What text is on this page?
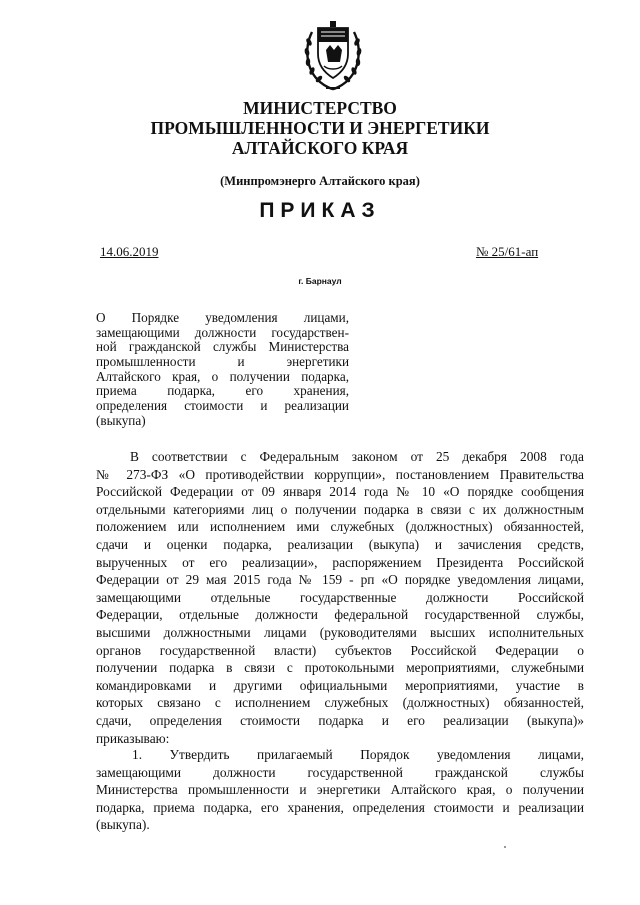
МИНИСТЕРСТВО
ПРОМЫШЛЕННОСТИ И ЭНЕРГЕТИКИ
АЛТАЙСКОГО КРАЯ
(Минпромэнерго Алтайского края)
ПРИКАЗ
14.06.2019	№ 25/61-ап
г. Барнаул
О Порядке уведомления лицами,
замещающими должности государствен-
ной гражданской службы Министерства
промышленности и энергетики
Алтайского края, о получении подарка,
приема подарка, его хранения,
определения стоимости и реализации
(выкупа)
В соответствии с Федеральным законом от 25 декабря 2008 года
№ 273-ФЗ «О противодействии коррупции», постановлением Правительства
Российской Федерации от 09 января 2014 года № 10 «О порядке сообщения
отдельными категориями лиц о получении подарка в связи с их должностным
положением или исполнением ими служебных (должностных) обязанностей,
сдачи и оценки подарка, реализации (выкупа) и зачисления средств,
вырученных от его реализации», распоряжением Президента Российской
Федерации от 29 мая 2015 года № 159 - рп «О порядке уведомления лицами,
замещающими отдельные государственные должности Российской
Федерации, отдельные должности федеральной государственной службы,
высшими должностными лицами (руководителями высших исполнительных
органов государственной власти) субъектов Российской Федерации о
получении подарка в связи с протокольными мероприятиями, служебными
командировками и другими официальными мероприятиями, участие в
которых связано с исполнением служебных (должностных) обязанностей,
сдачи, определения стоимости подарка и его реализации (выкупа)»
приказываю:
1. Утвердить прилагаемый Порядок уведомления лицами,
замещающими должности государственной гражданской службы
Министерства промышленности и энергетики Алтайского края, о получении
подарка, приема подарка, его хранения, определения стоимости и реализации
(выкупа).
